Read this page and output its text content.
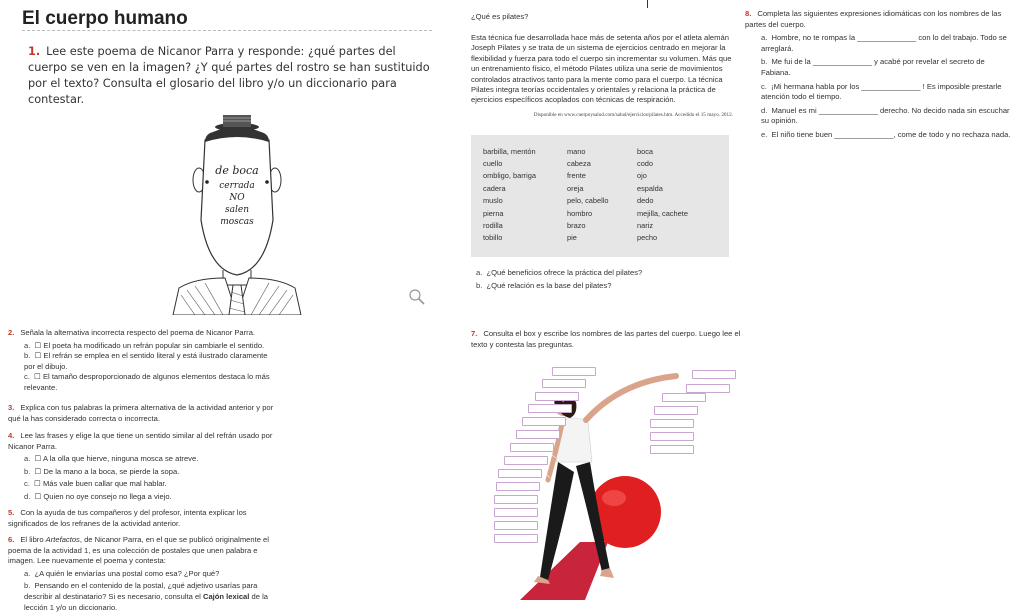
El cuerpo humano
1. Lee este poema de Nicanor Parra y responde: ¿qué partes del cuerpo se ven en la imagen? ¿Y qué partes del rostro se han sustituido por el texto? Consulta el glosario del libro y/o un diccionario para contestar.
de boca
cerrada
NO
salen
moscas
2. Señala la alternativa incorrecta respecto del poema de Nicanor Parra.
a. ☐ El poeta ha modificado un refrán popular sin cambiarle el sentido.
b. ☐ El refrán se emplea en el sentido literal y está ilustrado claramente por el dibujo.
c. ☐ El tamaño desproporcionado de algunos elementos destaca lo más relevante.
3. Explica con tus palabras la primera alternativa de la actividad anterior y por qué la has considerado correcta o incorrecta.
4. Lee las frases y elige la que tiene un sentido similar al del refrán usado por Nicanor Parra.
a. ☐ A la olla que hierve, ninguna mosca se atreve.
b. ☐ De la mano a la boca, se pierde la sopa.
c. ☐ Más vale buen callar que mal hablar.
d. ☐ Quien no oye consejo no llega a viejo.
5. Con la ayuda de tus compañeros y del profesor, intenta explicar los significados de los refranes de la actividad anterior.
6. El libro Artefactos, de Nicanor Parra, en el que se publicó originalmente el poema de la actividad 1, es una colección de postales que unen palabra e imagen. Lee nuevamente el poema y contesta:
a. ¿A quién le enviarías una postal como esa? ¿Por qué?
b. Pensando en el contenido de la postal, ¿qué adjetivo usarías para describir al destinatario? Si es necesario, consulta el Cajón lexical de la lección 1 y/o un diccionario.
¿Qué es pilates?
Esta técnica fue desarrollada hace más de setenta años por el atleta alemán Joseph Pilates y se trata de un sistema de ejercicios centrado en mejorar la flexibilidad y fuerza para todo el cuerpo sin incrementar su volumen. Más que un entrenamiento físico, el método Pilates utiliza una serie de movimientos controlados atractivos tanto para la mente como para el cuerpo. La técnica Pilates integra teorías occidentales y orientales y relaciona la práctica de ejercicios específicos acoplados con técnicas de respiración.
Disponible en www.cuerpoysalud.com/salud/ejercicios/pilates.htm. Accedido el 15 mayo. 2012.
barbilla, mentón	mano	boca
cuello	cabeza	codo
ombligo, barriga	frente	ojo
cadera	oreja	espalda
muslo	pelo, cabello	dedo
pierna	hombro	mejilla, cachete
rodilla	brazo	nariz
tobillo	pie	pecho
a. ¿Qué beneficios ofrece la práctica del pilates?
b. ¿Qué relación es la base del pilates?
7. Consulta el box y escribe los nombres de las partes del cuerpo. Luego lee el texto y contesta las preguntas.
8. Completa las siguientes expresiones idiomáticas con los nombres de las partes del cuerpo.
a. Hombre, no te rompas la ______________ con lo del trabajo. Todo se arreglará.
b. Me fui de la ______________ y acabé por revelar el secreto de Fabiana.
c. ¡Mi hermana habla por los ______________ ! Es imposible prestarle atención todo el tiempo.
d. Manuel es mi ______________ derecho. No decido nada sin escuchar su opinión.
e. El niño tiene buen ______________, come de todo y no rechaza nada.
